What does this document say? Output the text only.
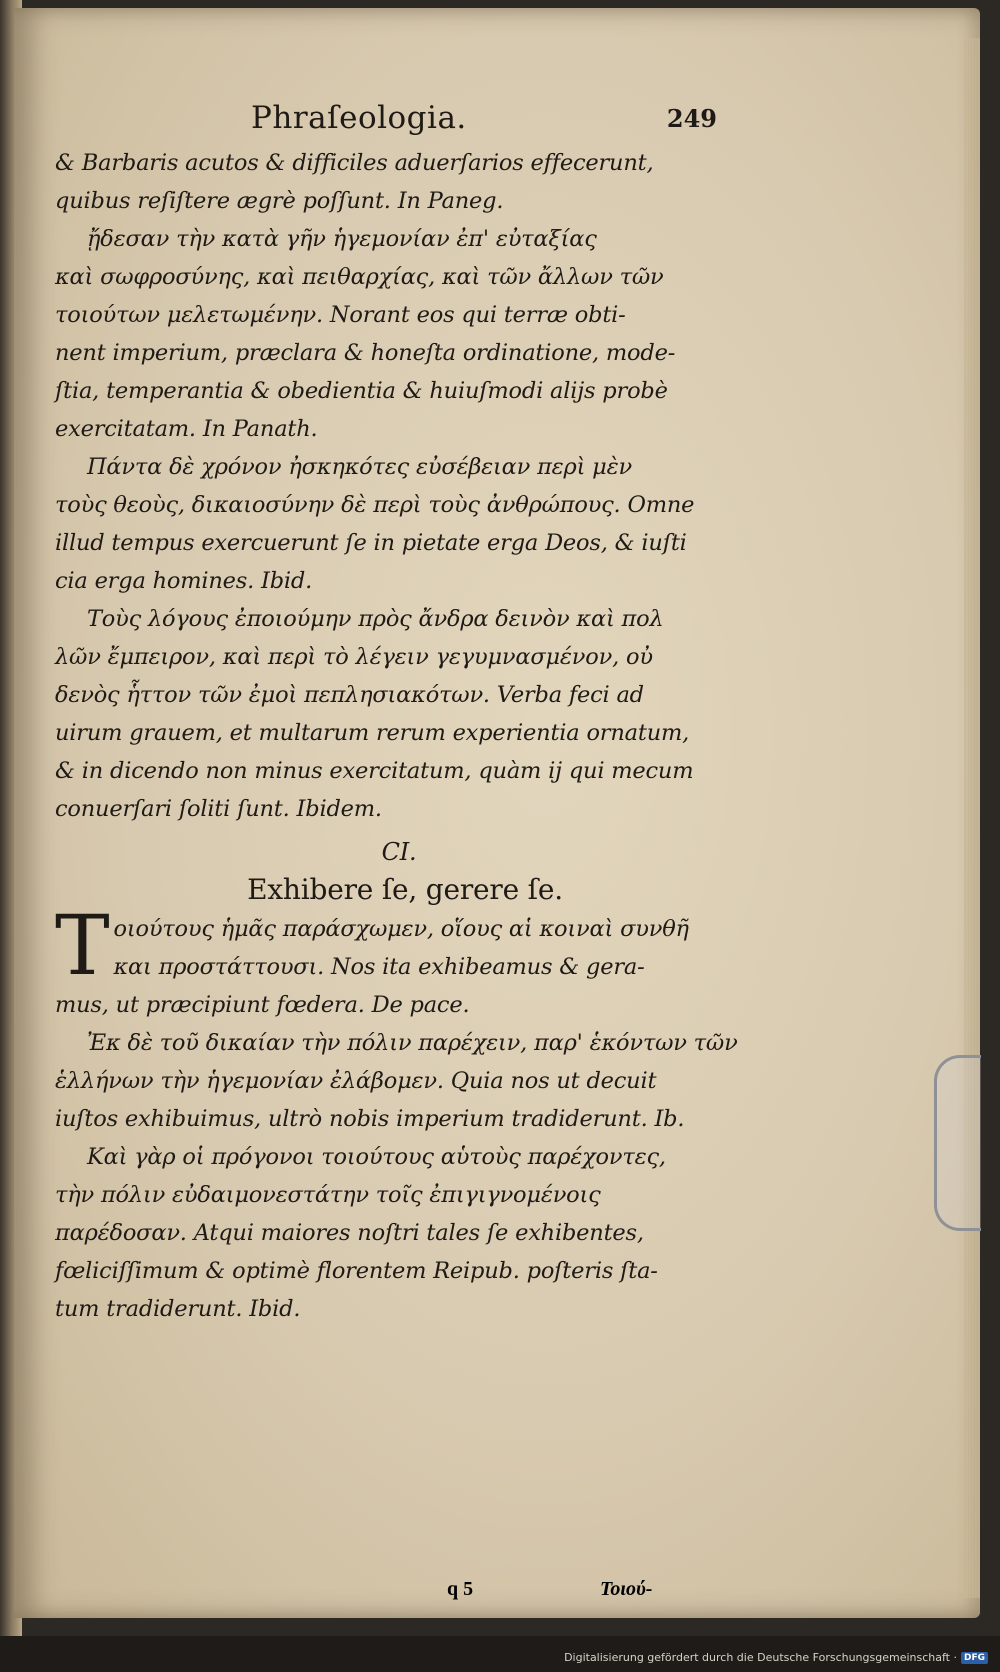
Phraſeologia.	249
& Barbaris acutos & difficiles aduerſarios effecerunt,
quibus reſiſtere ægrè poſſunt. In Paneg.
ᾔδεσαν τὴν κατὰ γῆν ἡγεμονίαν ἐπ' εὐταξίας
καὶ σωφροσύνης, καὶ πειθαρχίας, καὶ τῶν ἄλλων τῶν
τοιούτων μελετωμένην. Norant eos qui terræ obti-
nent imperium, præclara & honeſta ordinatione, mode-
ſtia, temperantia & obedientia & huiuſmodi alijs probè
exercitatam. In Panath.
Πάντα δὲ χρόνον ἠσκηκότες εὐσέβειαν περὶ μὲν
τοὺς θεοὺς, δικαιοσύνην δὲ περὶ τοὺς ἀνθρώπους. Omne
illud tempus exercuerunt ſe in pietate erga Deos, & iuſti
cia erga homines. Ibid.
Τοὺς λόγους ἐποιούμην πρὸς ἄνδρα δεινὸν καὶ πολ
λῶν ἔμπειρον, καὶ περὶ τὸ λέγειν γεγυμνασμένον, οὐ
δενὸς ἧττον τῶν ἐμοὶ πεπλησιακότων. Verba feci ad
uirum grauem, et multarum rerum experientia ornatum,
& in dicendo non minus exercitatum, quàm ij qui mecum
conuerſari ſoliti ſunt. Ibidem.
CI.
Exhibere ſe, gerere ſe.
T οιούτους ἡμᾶς παράσχωμεν, οἵους αἱ κοιναὶ συνθῆ
και προστάττουσι. Nos ita exhibeamus & gera-
mus, ut præcipiunt fœdera. De pace.
Ἐκ δὲ τοῦ δικαίαν τὴν πόλιν παρέχειν, παρ' ἑκόντων τῶν
ἑλλήνων τὴν ἡγεμονίαν ἐλάβομεν. Quia nos ut decuit
iuſtos exhibuimus, ultrò nobis imperium tradiderunt. Ib.
Καὶ γὰρ οἱ πρόγονοι τοιούτους αὑτοὺς παρέχοντες,
τὴν πόλιν εὐδαιμονεστάτην τοῖς ἐπιγιγνομένοις
παρέδοσαν. Atqui maiores noſtri tales ſe exhibentes,
fœliciſſimum & optimè florentem Reipub. poſteris ſta-
tum tradiderunt. Ibid.
q 5	Τοιού-
Digitalisierung gefördert durch die Deutsche Forschungsgemeinschaft · DFG
